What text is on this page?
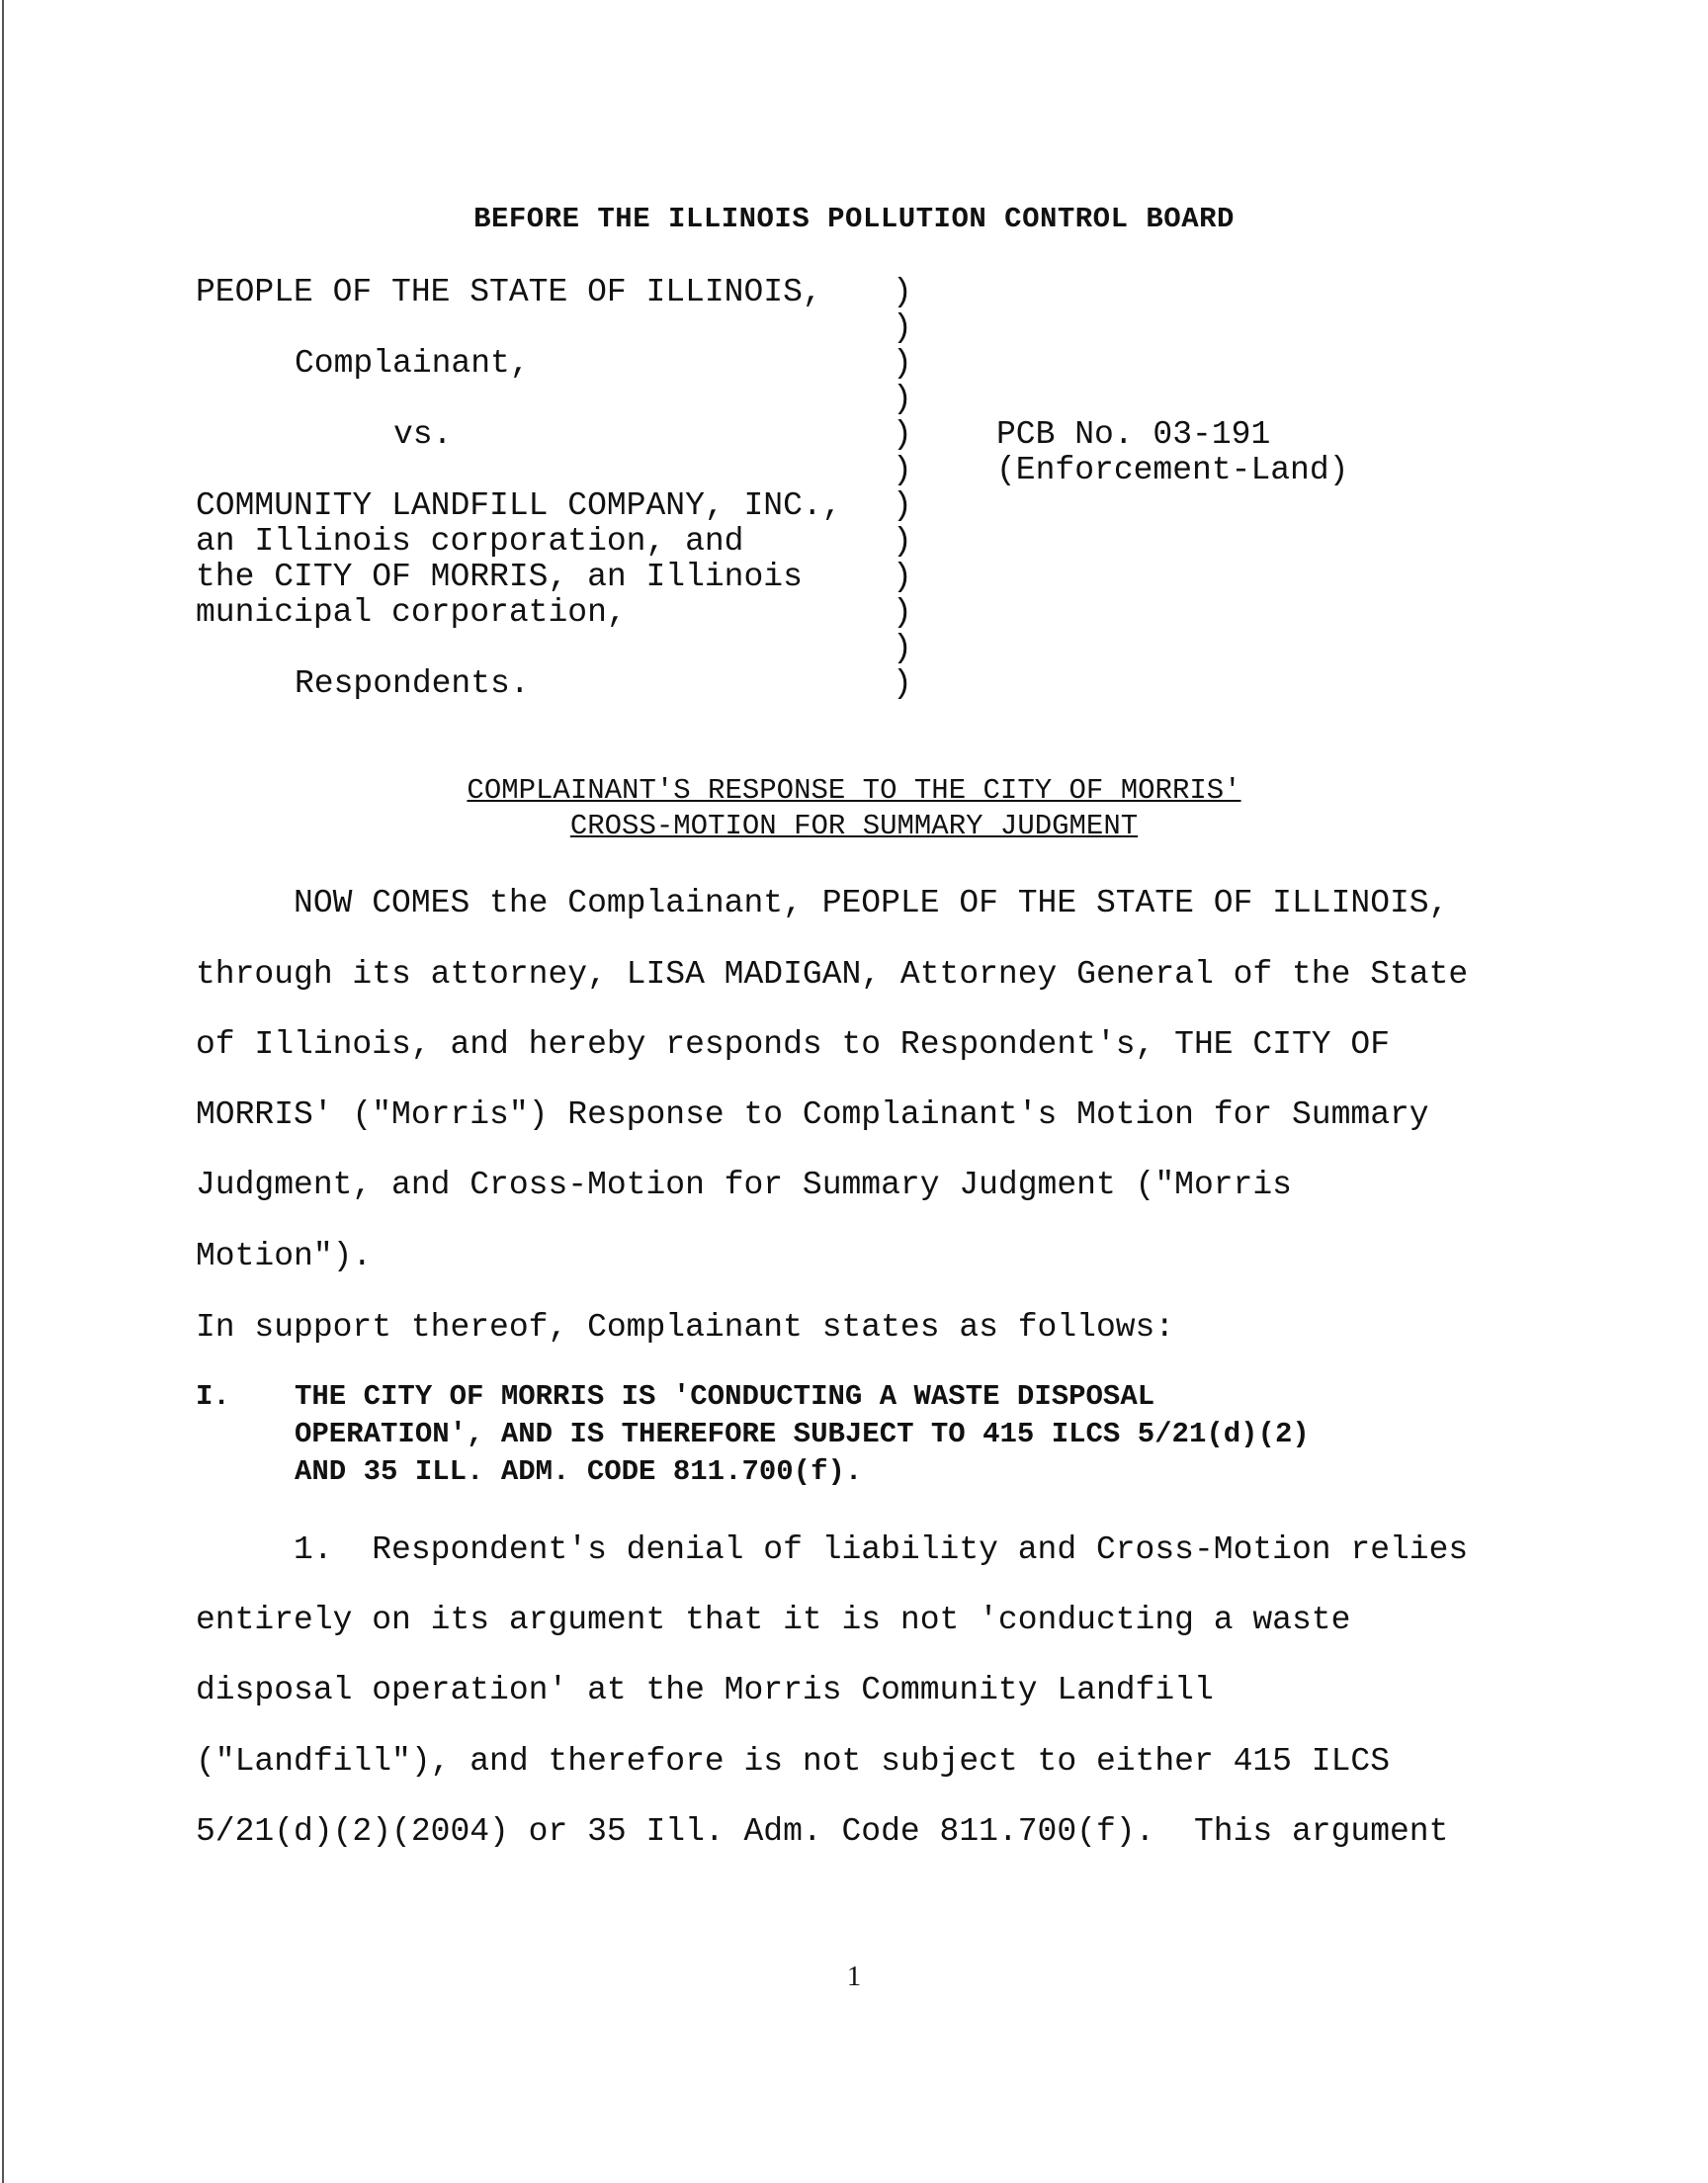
BEFORE THE ILLINOIS POLLUTION CONTROL BOARD
PEOPLE OF THE STATE OF ILLINOIS,
Complainant,
vs.
COMMUNITY LANDFILL COMPANY, INC.,
an Illinois corporation, and
the CITY OF MORRIS, an Illinois
municipal corporation,
Respondents.
)
)
)
)
)
)
)
)
)
)
)
)
PCB No. 03-191
(Enforcement-Land)
COMPLAINANT'S RESPONSE TO THE CITY OF MORRIS'
CROSS-MOTION FOR SUMMARY JUDGMENT
NOW COMES the Complainant, PEOPLE OF THE STATE OF ILLINOIS,
through its attorney, LISA MADIGAN, Attorney General of the State
of Illinois, and hereby responds to Respondent's, THE CITY OF
MORRIS' ("Morris") Response to Complainant's Motion for Summary
Judgment, and Cross-Motion for Summary Judgment ("Morris
Motion").
In support thereof, Complainant states as follows:
I. THE CITY OF MORRIS IS 'CONDUCTING A WASTE DISPOSAL
OPERATION', AND IS THEREFORE SUBJECT TO 415 ILCS 5/21(d)(2)
AND 35 ILL. ADM. CODE 811.700(f).
1.  Respondent's denial of liability and Cross-Motion relies
entirely on its argument that it is not 'conducting a waste
disposal operation' at the Morris Community Landfill
("Landfill"), and therefore is not subject to either 415 ILCS
5/21(d)(2)(2004) or 35 Ill. Adm. Code 811.700(f).  This argument
1
